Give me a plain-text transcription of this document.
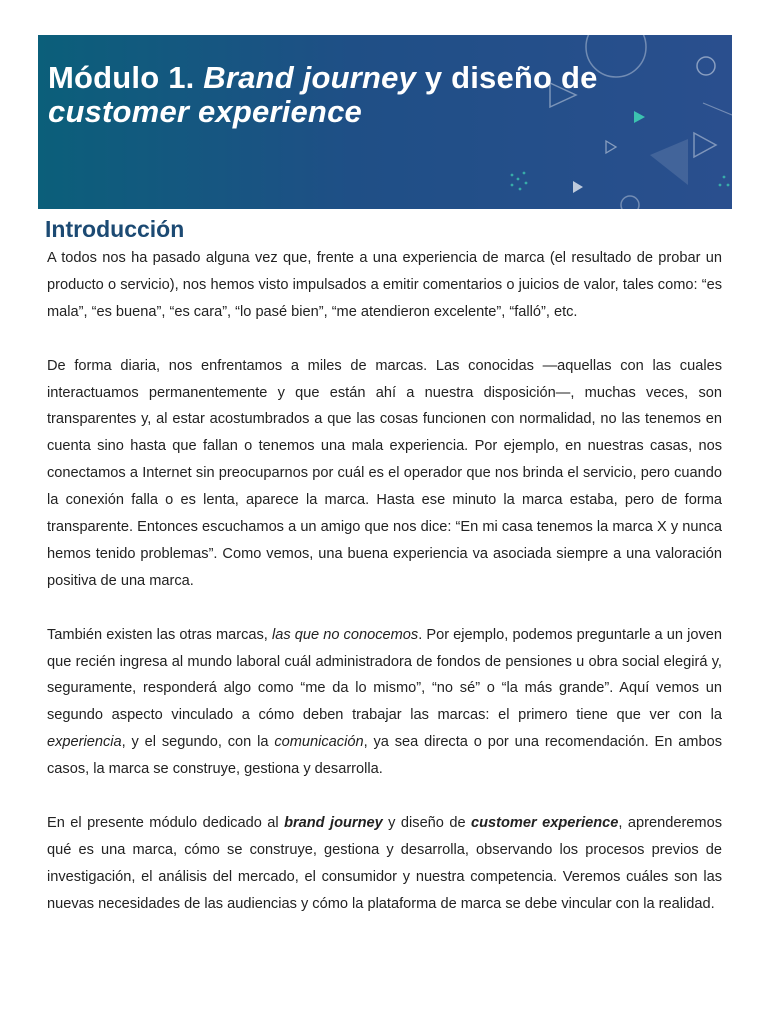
Módulo 1. Brand journey y diseño de
customer experience
Introducción

A todos nos ha pasado alguna vez que, frente a una experiencia de marca (el resultado de probar un producto o servicio), nos hemos visto impulsados a emitir comentarios o juicios de valor, tales como: “es mala”, “es buena”, “es cara”, “lo pasé bien”, “me atendieron excelente”, “falló”, etc.

De forma diaria, nos enfrentamos a miles de marcas. Las conocidas —aquellas con las cuales interactuamos permanentemente y que están ahí a nuestra disposición—, muchas veces, son transparentes y, al estar acostumbrados a que las cosas funcionen con normalidad, no las tenemos en cuenta sino hasta que fallan o tenemos una mala experiencia. Por ejemplo, en nuestras casas, nos conectamos a Internet sin preocuparnos por cuál es el operador que nos brinda el servicio, pero cuando la conexión falla o es lenta, aparece la marca. Hasta ese minuto la marca estaba, pero de forma transparente. Entonces escuchamos a un amigo que nos dice: “En mi casa tenemos la marca X y nunca hemos tenido problemas”. Como vemos, una buena experiencia va asociada siempre a una valoración positiva de una marca.

También existen las otras marcas, las que no conocemos. Por ejemplo, podemos preguntarle a un joven que recién ingresa al mundo laboral cuál administradora de fondos de pensiones u obra social elegirá y, seguramente, responderá algo como “me da lo mismo”, “no sé” o “la más grande”. Aquí vemos un segundo aspecto vinculado a cómo deben trabajar las marcas: el primero tiene que ver con la experiencia, y el segundo, con la comunicación, ya sea directa o por una recomendación. En ambos casos, la marca se construye, gestiona y desarrolla.

En el presente módulo dedicado al brand journey y diseño de customer experience, aprenderemos qué es una marca, cómo se construye, gestiona y desarrolla, observando los procesos previos de investigación, el análisis del mercado, el consumidor y nuestra competencia. Veremos cuáles son las nuevas necesidades de las audiencias y cómo la plataforma de marca se debe vincular con la realidad.
